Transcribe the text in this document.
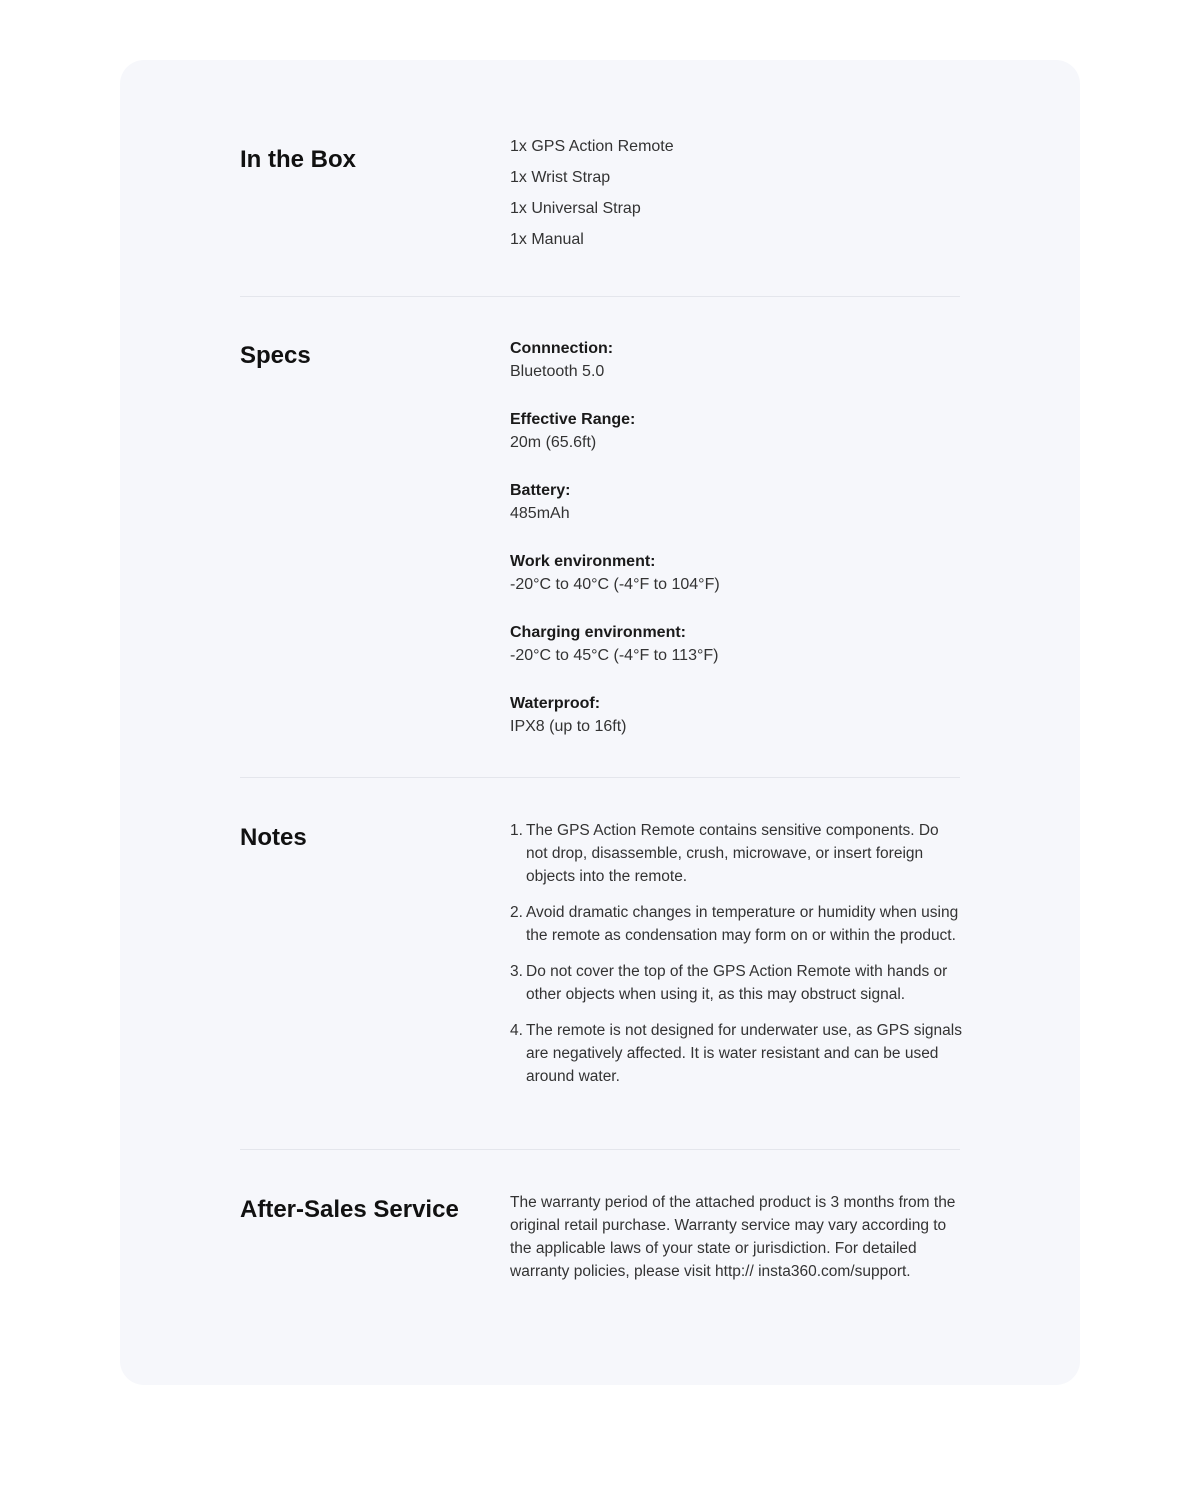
In the Box	1x GPS Action Remote
1x Wrist Strap
1x Universal Strap
1x Manual
Specs	Connnection:
Bluetooth 5.0
Effective Range:
20m (65.6ft)
Battery:
485mAh
Work environment:
-20°C to 40°C (-4°F to 104°F)
Charging environment:
-20°C to 45°C (-4°F to 113°F)
Waterproof:
IPX8 (up to 16ft)
Notes	1. The GPS Action Remote contains sensitive components. Do not drop, disassemble, crush, microwave, or insert foreign objects into the remote.
2. Avoid dramatic changes in temperature or humidity when using the remote as condensation may form on or within the product.
3. Do not cover the top of the GPS Action Remote with hands or other objects when using it, as this may obstruct signal.
4. The remote is not designed for underwater use, as GPS signals are negatively affected. It is water resistant and can be used around water.
After-Sales Service	The warranty period of the attached product is 3 months from the original retail purchase. Warranty service may vary according to the applicable laws of your state or jurisdiction. For detailed warranty policies, please visit http:// insta360.com/support.
